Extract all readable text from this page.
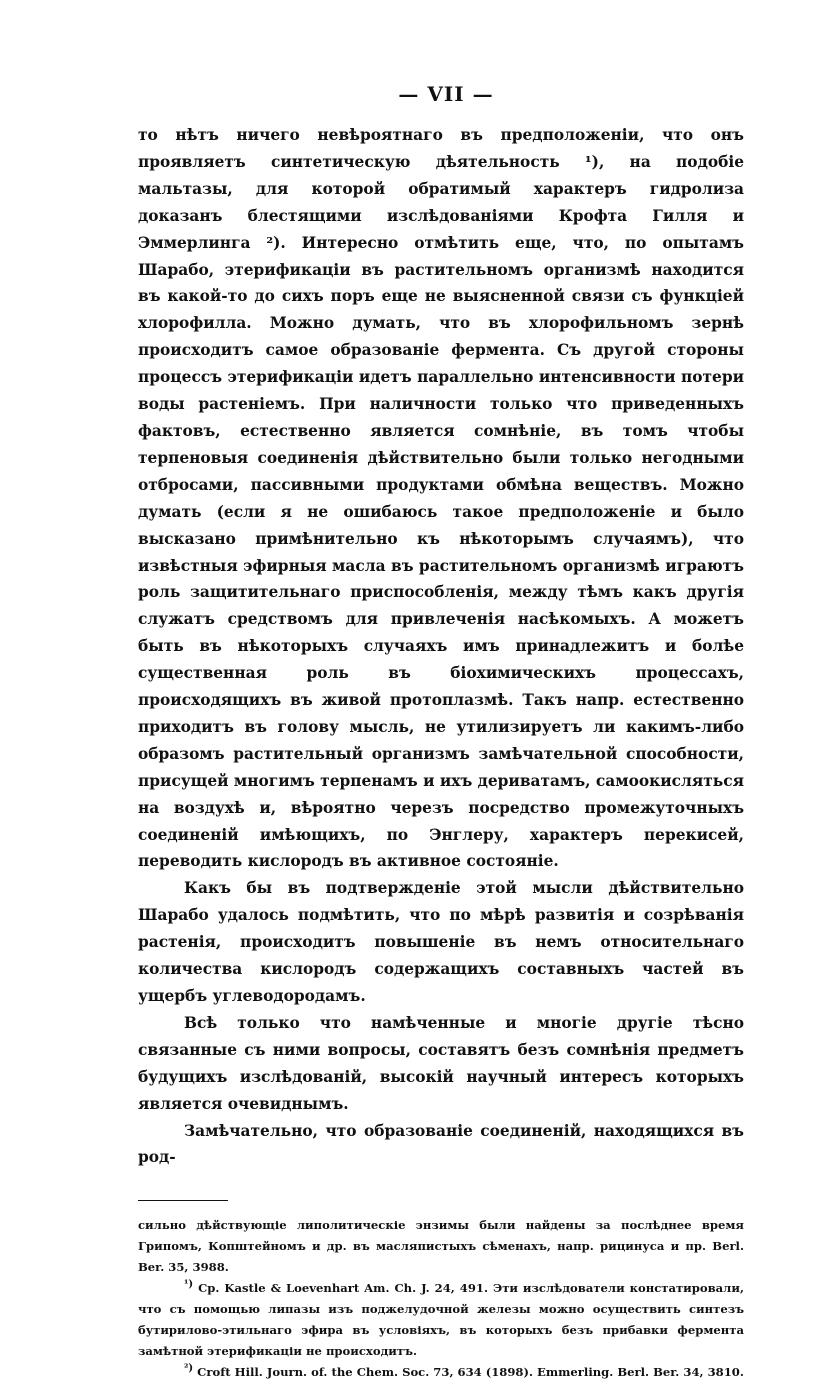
— VII —

то нѣтъ ничего невѣроятнаго въ предположеніи, что онъ проявляетъ синтетическую дѣятельность ¹), на подобіе мальтазы, для которой обратимый характеръ гидролиза доказанъ блестящими изслѣдованіями Крофта Гилля и Эммерлинга ²). Интересно отмѣтить еще, что, по опытамъ Шарабо, этерификаціи въ растительномъ организмѣ находится въ какой-то до сихъ поръ еще не выясненной связи съ функціей хлорофилла. Можно думать, что въ хлорофильномъ зернѣ происходитъ самое образованіе фермента. Съ другой стороны процессъ этерификаціи идетъ параллельно интенсивности потери воды растеніемъ. При наличности только что приведенныхъ фактовъ, естественно является сомнѣніе, въ томъ чтобы терпеновыя соединенія дѣйствительно были только негодными отбросами, пассивными продуктами обмѣна веществъ. Можно думать (если я не ошибаюсь такое предположеніе и было высказано примѣнительно къ нѣкоторымъ случаямъ), что извѣстныя эфирныя масла въ растительномъ организмѣ играютъ роль защитительнаго приспособленія, между тѣмъ какъ другія служатъ средствомъ для привлеченія насѣкомыхъ. А можетъ быть въ нѣкоторыхъ случаяхъ имъ принадлежитъ и болѣе существенная роль въ біохимическихъ процессахъ, происходящихъ въ живой протоплазмѣ. Такъ напр. естественно приходитъ въ голову мысль, не утилизируетъ ли какимъ-либо образомъ растительный организмъ замѣчательной способности, присущей многимъ терпенамъ и ихъ дериватамъ, самоокисляться на воздухѣ и, вѣроятно черезъ посредство промежуточныхъ соединеній имѣющихъ, по Энглеру, характеръ перекисей, переводить кислородъ въ активное состояніе.

Какъ бы въ подтвержденіе этой мысли дѣйствительно Шарабо удалось подмѣтить, что по мѣрѣ развитія и созрѣванія растенія, происходитъ повышеніе въ немъ относительнаго количества кислородъ содержащихъ составныхъ частей въ ущербъ углеводородамъ.

Всѣ только что намѣченные и многіе другіе тѣсно связанные съ ними вопросы, составятъ безъ сомнѣнія предметъ будущихъ изслѣдованій, высокій научный интересъ которыхъ является очевиднымъ.

Замѣчательно, что образованіе соединеній, находящихся въ род-

сильно дѣйствующіе липолитическіе энзимы были найдены за послѣднее время Грипомъ, Копштейномъ и др. въ масляпистыхъ сѣменахъ, напр. рицинуса и пр. Berl. Ber. 35, 3988.

¹) Cp. Kastle & Loevenhart Am. Ch. J. 24, 491. Эти изслѣдователи констатировали, что съ помощью липазы изъ поджелудочной железы можно осуществить синтезъ бутирилово-этильнаго эфира въ условіяхъ, въ которыхъ безъ прибавки фермента замѣтной этерификаціи не происходитъ.

²) Croft Hill. Journ. of. the Chem. Soc. 73, 634 (1898). Emmerling. Berl. Ber. 34, 3810.
